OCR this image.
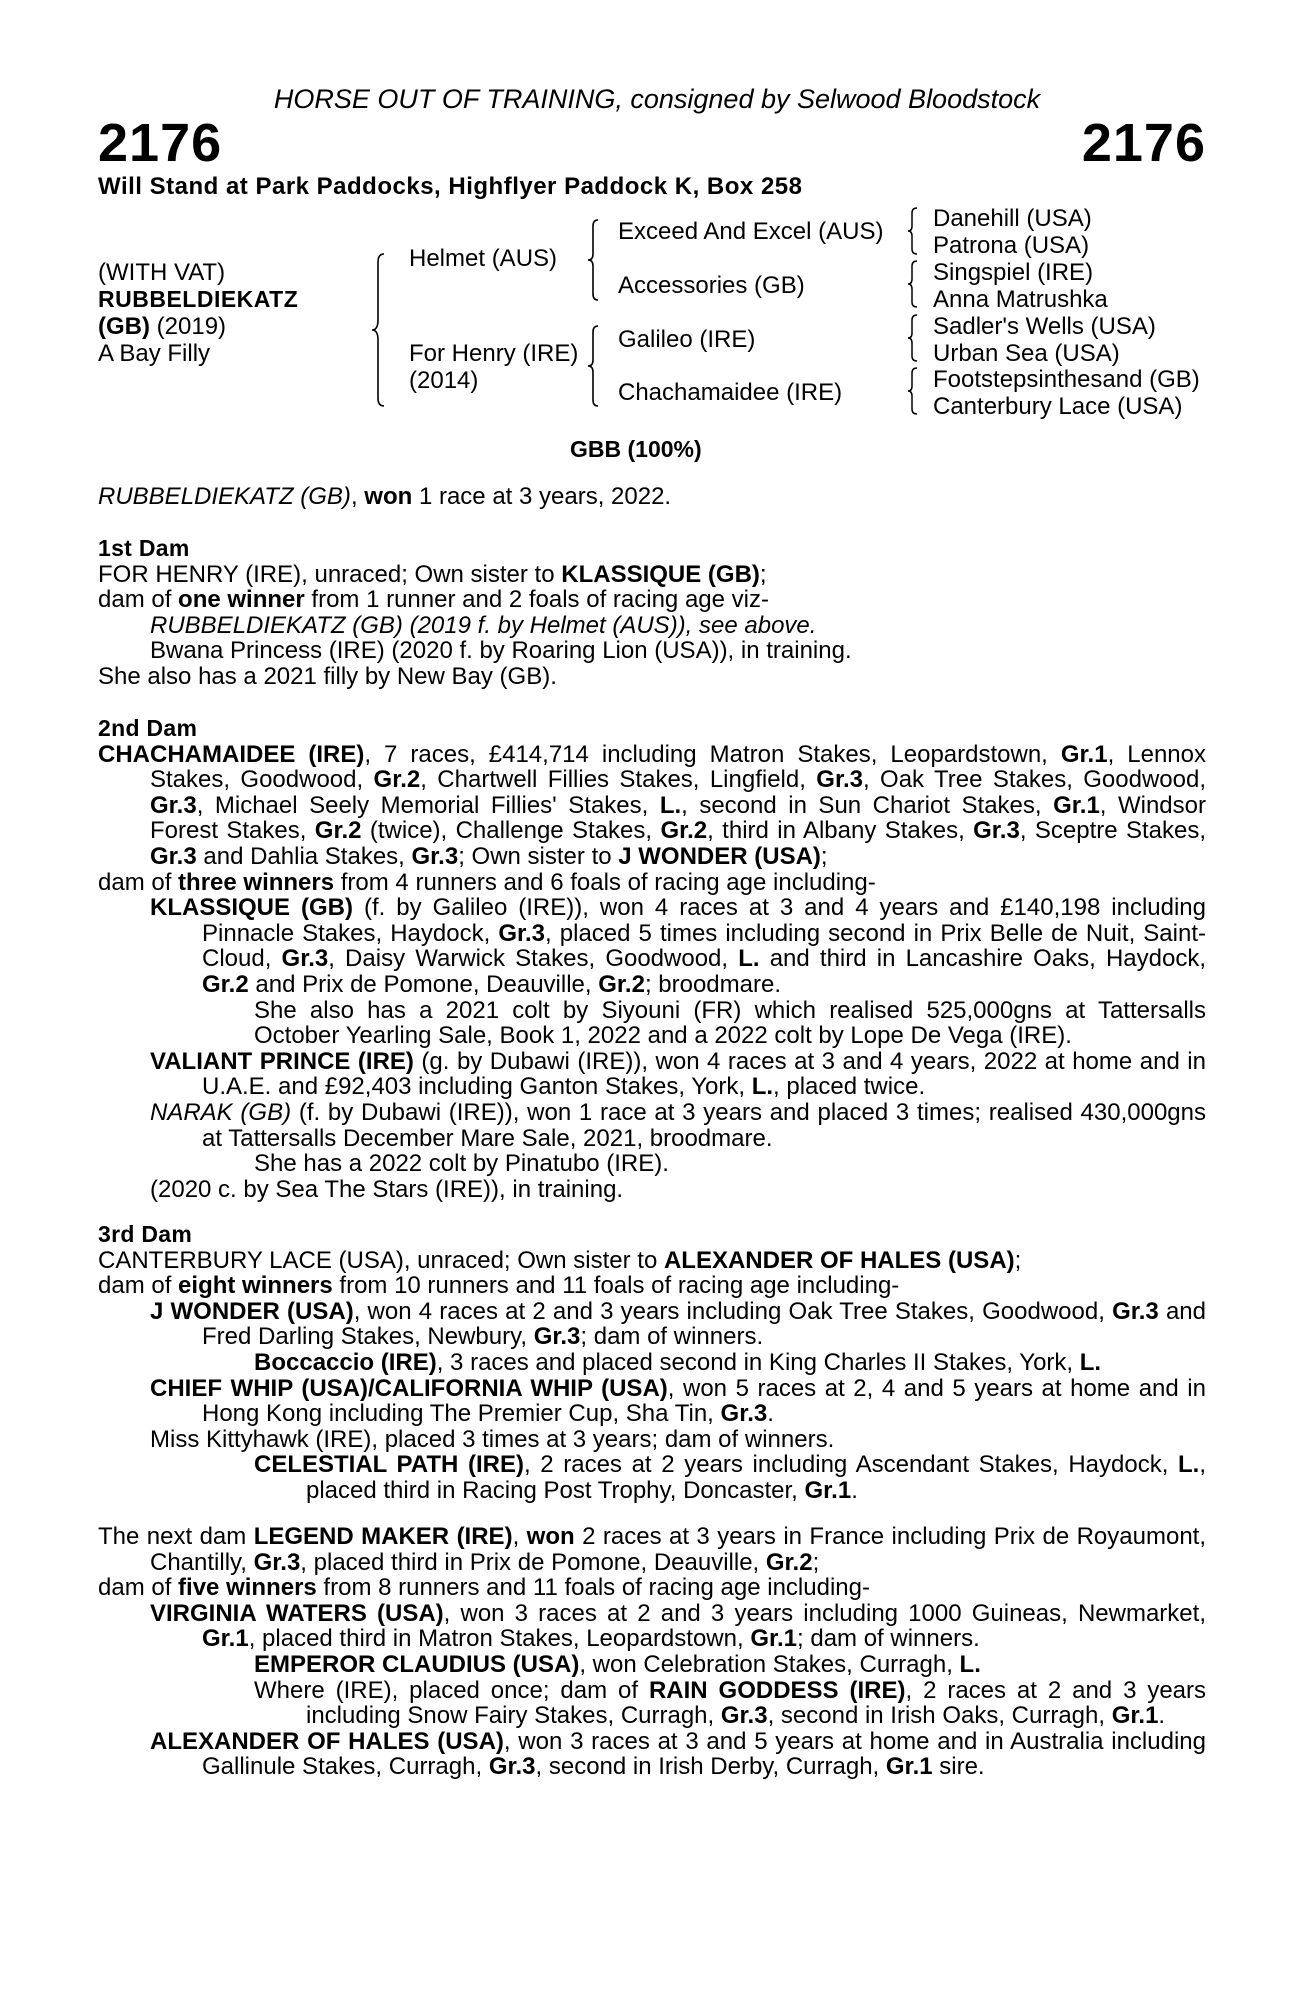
HORSE OUT OF TRAINING, consigned by Selwood Bloodstock
2176	2176
Will Stand at Park Paddocks, Highflyer Paddock K, Box 258
(WITH VAT)
RUBBELDIEKATZ
(GB) (2019)
A Bay Filly
Helmet (AUS)
For Henry (IRE)
(2014)
Exceed And Excel (AUS)
Accessories (GB)
Galileo (IRE)
Chachamaidee (IRE)
Danehill (USA)
Patrona (USA)
Singspiel (IRE)
Anna Matrushka
Sadler's Wells (USA)
Urban Sea (USA)
Footstepsinthesand (GB)
Canterbury Lace (USA)
GBB (100%)

RUBBELDIEKATZ (GB), won 1 race at 3 years, 2022.

1st Dam

FOR HENRY (IRE), unraced; Own sister to KLASSIQUE (GB);

dam of one winner from 1 runner and 2 foals of racing age viz-

RUBBELDIEKATZ (GB) (2019 f. by Helmet (AUS)), see above.

Bwana Princess (IRE) (2020 f. by Roaring Lion (USA)), in training.

She also has a 2021 filly by New Bay (GB).

2nd Dam

CHACHAMAIDEE (IRE), 7 races, £414,714 including Matron Stakes, Leopardstown, Gr.1, Lennox Stakes, Goodwood, Gr.2, Chartwell Fillies Stakes, Lingfield, Gr.3, Oak Tree Stakes, Goodwood, Gr.3, Michael Seely Memorial Fillies' Stakes, L., second in Sun Chariot Stakes, Gr.1, Windsor Forest Stakes, Gr.2 (twice), Challenge Stakes, Gr.2, third in Albany Stakes, Gr.3, Sceptre Stakes, Gr.3 and Dahlia Stakes, Gr.3; Own sister to J WONDER (USA);

dam of three winners from 4 runners and 6 foals of racing age including-

KLASSIQUE (GB) (f. by Galileo (IRE)), won 4 races at 3 and 4 years and £140,198 including Pinnacle Stakes, Haydock, Gr.3, placed 5 times including second in Prix Belle de Nuit, Saint-Cloud, Gr.3, Daisy Warwick Stakes, Goodwood, L. and third in Lancashire Oaks, Haydock, Gr.2 and Prix de Pomone, Deauville, Gr.2; broodmare.

She also has a 2021 colt by Siyouni (FR) which realised 525,000gns at Tattersalls October Yearling Sale, Book 1, 2022 and a 2022 colt by Lope De Vega (IRE).

VALIANT PRINCE (IRE) (g. by Dubawi (IRE)), won 4 races at 3 and 4 years, 2022 at home and in U.A.E. and £92,403 including Ganton Stakes, York, L., placed twice.

NARAK (GB) (f. by Dubawi (IRE)), won 1 race at 3 years and placed 3 times; realised 430,000gns at Tattersalls December Mare Sale, 2021, broodmare.

She has a 2022 colt by Pinatubo (IRE).

(2020 c. by Sea The Stars (IRE)), in training.

3rd Dam

CANTERBURY LACE (USA), unraced; Own sister to ALEXANDER OF HALES (USA);

dam of eight winners from 10 runners and 11 foals of racing age including-

J WONDER (USA), won 4 races at 2 and 3 years including Oak Tree Stakes, Goodwood, Gr.3 and Fred Darling Stakes, Newbury, Gr.3; dam of winners.

Boccaccio (IRE), 3 races and placed second in King Charles II Stakes, York, L.

CHIEF WHIP (USA)/CALIFORNIA WHIP (USA), won 5 races at 2, 4 and 5 years at home and in Hong Kong including The Premier Cup, Sha Tin, Gr.3.

Miss Kittyhawk (IRE), placed 3 times at 3 years; dam of winners.

CELESTIAL PATH (IRE), 2 races at 2 years including Ascendant Stakes, Haydock, L., placed third in Racing Post Trophy, Doncaster, Gr.1.

The next dam LEGEND MAKER (IRE), won 2 races at 3 years in France including Prix de Royaumont, Chantilly, Gr.3, placed third in Prix de Pomone, Deauville, Gr.2;

dam of five winners from 8 runners and 11 foals of racing age including-

VIRGINIA WATERS (USA), won 3 races at 2 and 3 years including 1000 Guineas, Newmarket, Gr.1, placed third in Matron Stakes, Leopardstown, Gr.1; dam of winners.

EMPEROR CLAUDIUS (USA), won Celebration Stakes, Curragh, L.

Where (IRE), placed once; dam of RAIN GODDESS (IRE), 2 races at 2 and 3 years including Snow Fairy Stakes, Curragh, Gr.3, second in Irish Oaks, Curragh, Gr.1.

ALEXANDER OF HALES (USA), won 3 races at 3 and 5 years at home and in Australia including Gallinule Stakes, Curragh, Gr.3, second in Irish Derby, Curragh, Gr.1 sire.
